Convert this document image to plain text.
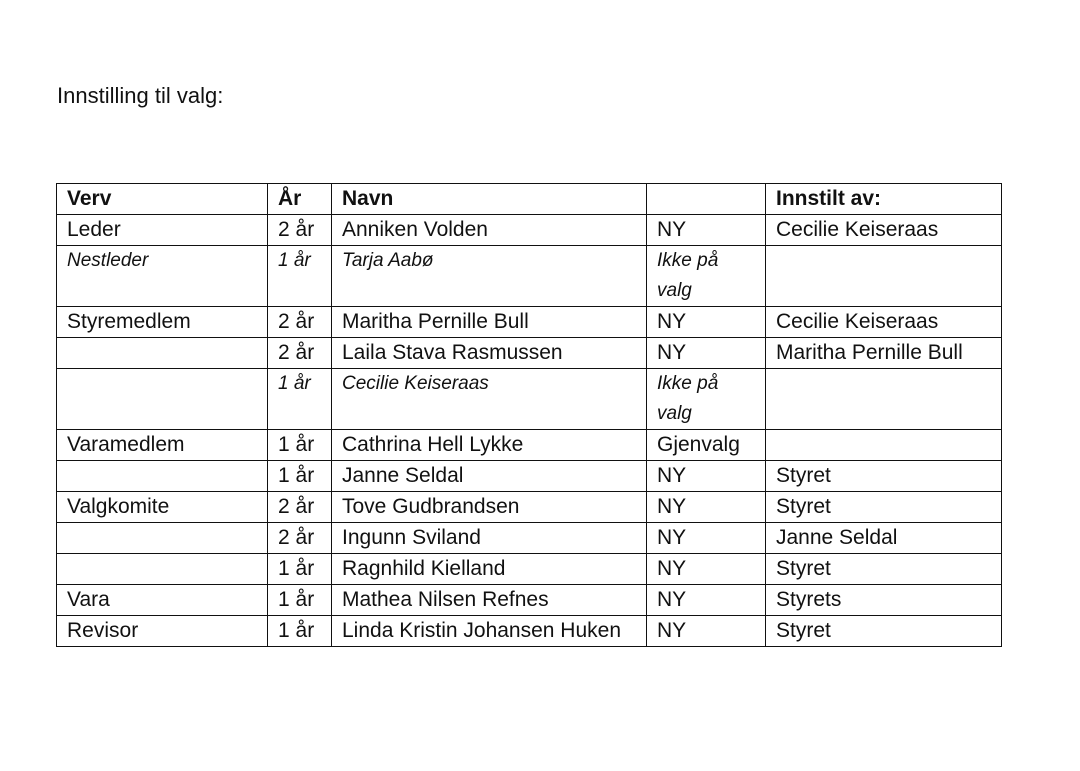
Innstilling til valg:
Verv	År	Navn		Innstilt av:
Leder	2 år	Anniken Volden	NY	Cecilie Keiseraas
Nestleder	1 år	Tarja Aabø	Ikke på valg	
Styremedlem	2 år	Maritha Pernille Bull	NY	Cecilie Keiseraas
	2 år	Laila Stava Rasmussen	NY	Maritha Pernille Bull
	1 år	Cecilie Keiseraas	Ikke på valg	
Varamedlem	1 år	Cathrina Hell Lykke	Gjenvalg	
	1 år	Janne Seldal	NY	Styret
Valgkomite	2 år	Tove Gudbrandsen	NY	Styret
	2 år	Ingunn Sviland	NY	Janne Seldal
	1 år	Ragnhild Kielland	NY	Styret
Vara	1 år	Mathea Nilsen Refnes	NY	Styrets
Revisor	1 år	Linda Kristin Johansen Huken	NY	Styret
